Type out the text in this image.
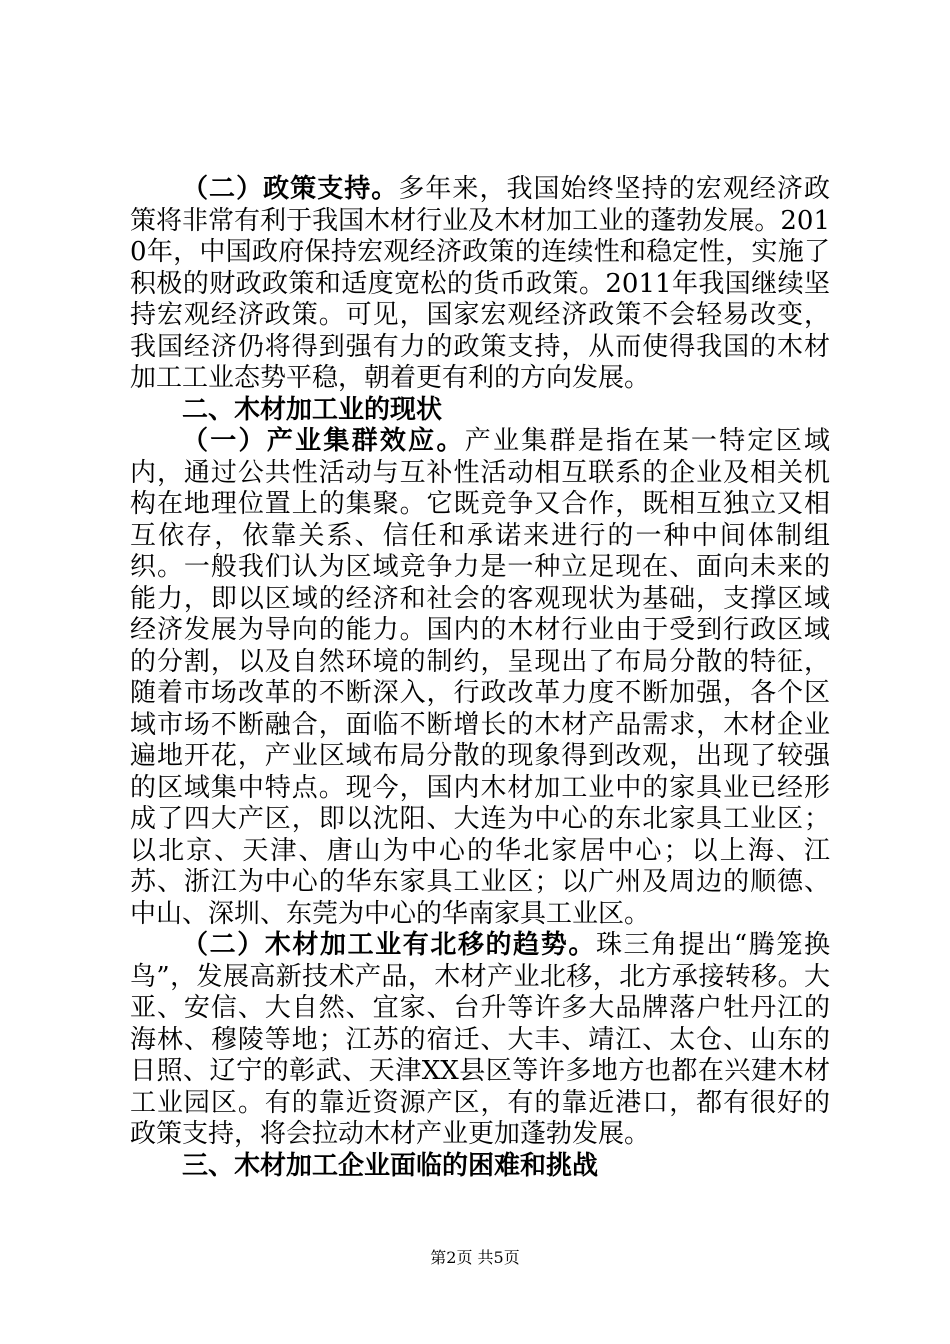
（二）政策支持。多年来，我国始终坚持的宏观经济政策将非常有利于我国木材行业及木材加工业的蓬勃发展。2010年，中国政府保持宏观经济政策的连续性和稳定性，实施了积极的财政政策和适度宽松的货币政策。2011年我国继续坚持宏观经济政策。可见，国家宏观经济政策不会轻易改变，我国经济仍将得到强有力的政策支持，从而使得我国的木材加工工业态势平稳，朝着更有利的方向发展。

二、木材加工业的现状

（一）产业集群效应。产业集群是指在某一特定区域内，通过公共性活动与互补性活动相互联系的企业及相关机构在地理位置上的集聚。它既竞争又合作，既相互独立又相互依存，依靠关系、信任和承诺来进行的一种中间体制组织。一般我们认为区域竞争力是一种立足现在、面向未来的能力，即以区域的经济和社会的客观现状为基础，支撑区域经济发展为导向的能力。国内的木材行业由于受到行政区域的分割，以及自然环境的制约，呈现出了布局分散的特征，随着市场改革的不断深入，行政改革力度不断加强，各个区域市场不断融合，面临不断增长的木材产品需求，木材企业遍地开花，产业区域布局分散的现象得到改观，出现了较强的区域集中特点。现今，国内木材加工业中的家具业已经形成了四大产区，即以沈阳、大连为中心的东北家具工业区；以北京、天津、唐山为中心的华北家居中心；以上海、江苏、浙江为中心的华东家具工业区；以广州及周边的顺德、中山、深圳、东莞为中心的华南家具工业区。

（二）木材加工业有北移的趋势。珠三角提出“腾笼换鸟”，发展高新技术产品，木材产业北移，北方承接转移。大亚、安信、大自然、宜家、台升等许多大品牌落户牡丹江的海林、穆陵等地；江苏的宿迁、大丰、靖江、太仓、山东的日照、辽宁的彰武、天津XX县区等许多地方也都在兴建木材工业园区。有的靠近资源产区，有的靠近港口，都有很好的政策支持，将会拉动木材产业更加蓬勃发展。

三、木材加工企业面临的困难和挑战

第2页 共5页
